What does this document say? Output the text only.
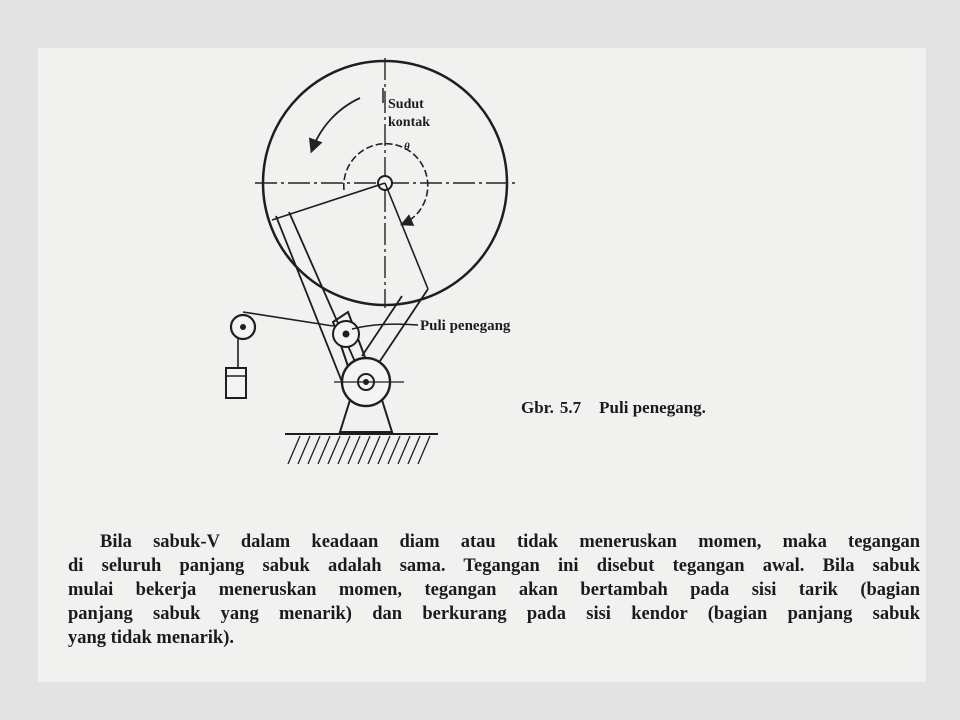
Sudut
kontak
θ
Puli penegang
Gbr. 5.7 Puli penegang.
Bila sabuk-V dalam keadaan diam atau tidak meneruskan momen, maka tegangan
di seluruh panjang sabuk adalah sama. Tegangan ini disebut tegangan awal. Bila sabuk
mulai bekerja meneruskan momen, tegangan akan bertambah pada sisi tarik (bagian
panjang sabuk yang menarik) dan berkurang pada sisi kendor (bagian panjang sabuk
yang tidak menarik).
